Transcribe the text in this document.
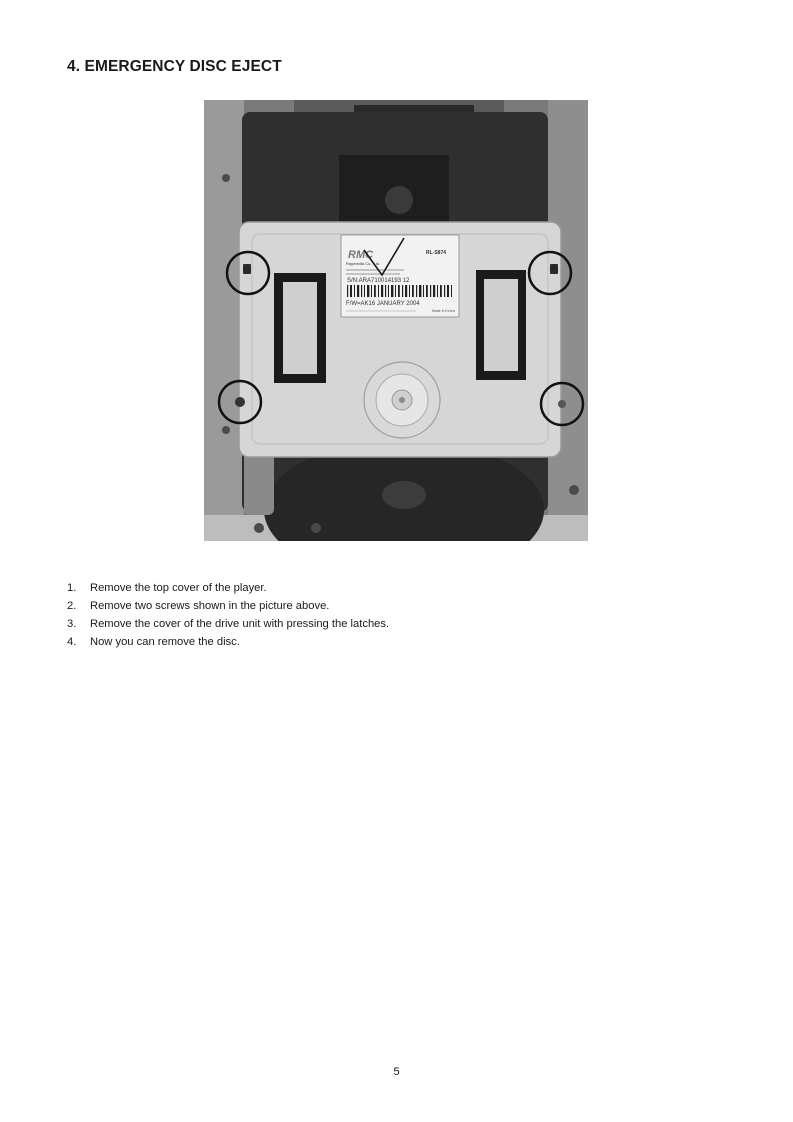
4. EMERGENCY DISC EJECT
RMC	RL-S874
Raymedia Co., Ltd.
S/N:ARA710014193 12
F/W=AK16 JANUARY 2004
Made in Korea
1.	Remove the top cover of the player.
2.	Remove two screws shown in the picture above.
3.	Remove the cover of the drive unit with pressing the latches.
4.	Now you can remove the disc.
5
